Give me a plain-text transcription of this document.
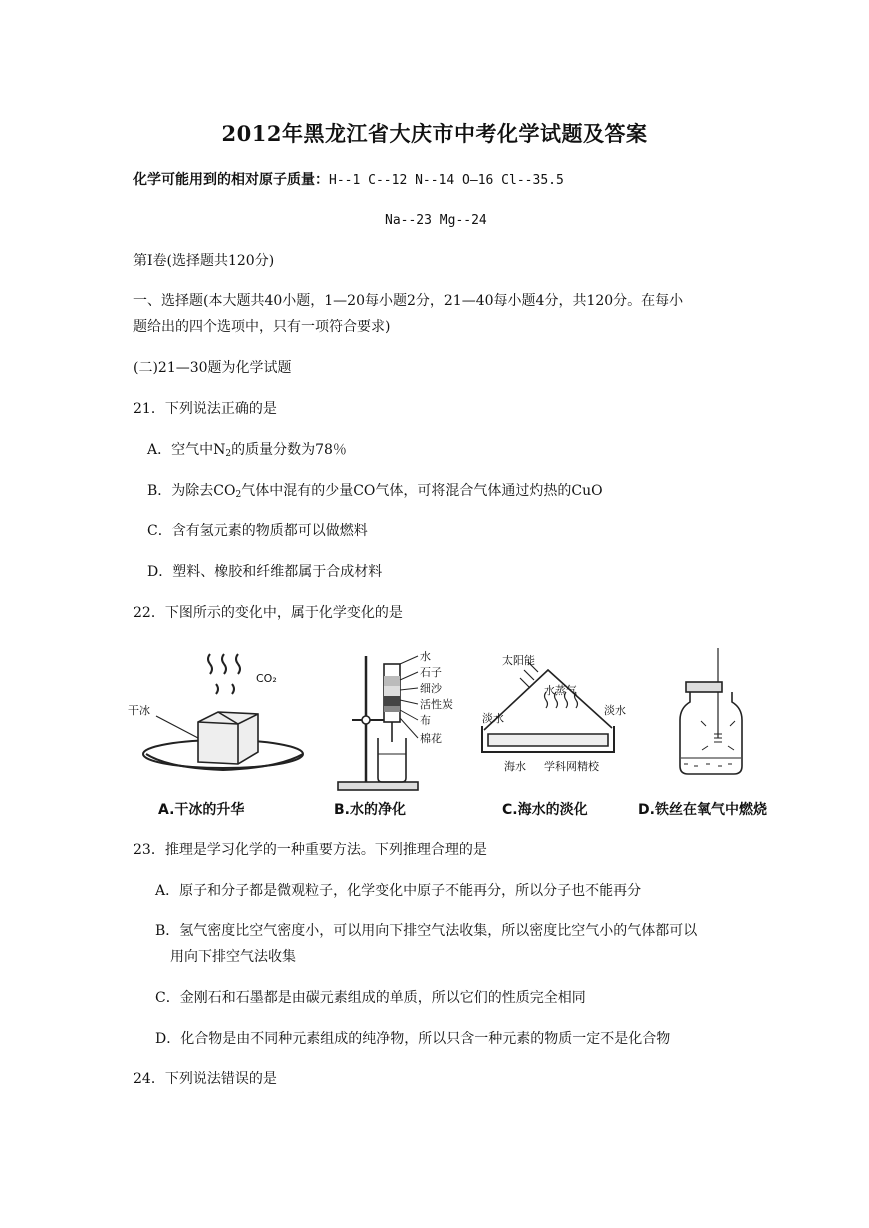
2012年黑龙江省大庆市中考化学试题及答案
化学可能用到的相对原子质量：H--1 C--12 N--14 O—16 Cl--35.5
Na--23 Mg--24
第Ⅰ卷(选择题共120分)
一、选择题(本大题共40小题，1—20每小题2分，21—40每小题4分，共120分。在每小
题给出的四个选项中，只有一项符合要求)
(二)21—30题为化学试题
21．下列说法正确的是
A．空气中$N_2$的质量分数为78％
B．为除去$CO_2$气体中混有的少量CO气体，可将混合气体通过灼热的CuO
C．含有氢元素的物质都可以做燃料
D．塑料、橡胶和纤维都属于合成材料
22．下图所示的变化中，属于化学变化的是
干冰
CO₂
水
石子
细沙
活性炭
布
棉花
太阳能
水蒸气
淡水
淡水
海水 学科网精校
A.干冰的升华	B.水的净化	C.海水的淡化	D.铁丝在氧气中燃烧
23．推理是学习化学的一种重要方法。下列推理合理的是
A．原子和分子都是微观粒子，化学变化中原子不能再分，所以分子也不能再分
B．氢气密度比空气密度小，可以用向下排空气法收集，所以密度比空气小的气体都可以
用向下排空气法收集
C．金刚石和石墨都是由碳元素组成的单质，所以它们的性质完全相同
D．化合物是由不同种元素组成的纯净物，所以只含一种元素的物质一定不是化合物
24．下列说法错误的是
